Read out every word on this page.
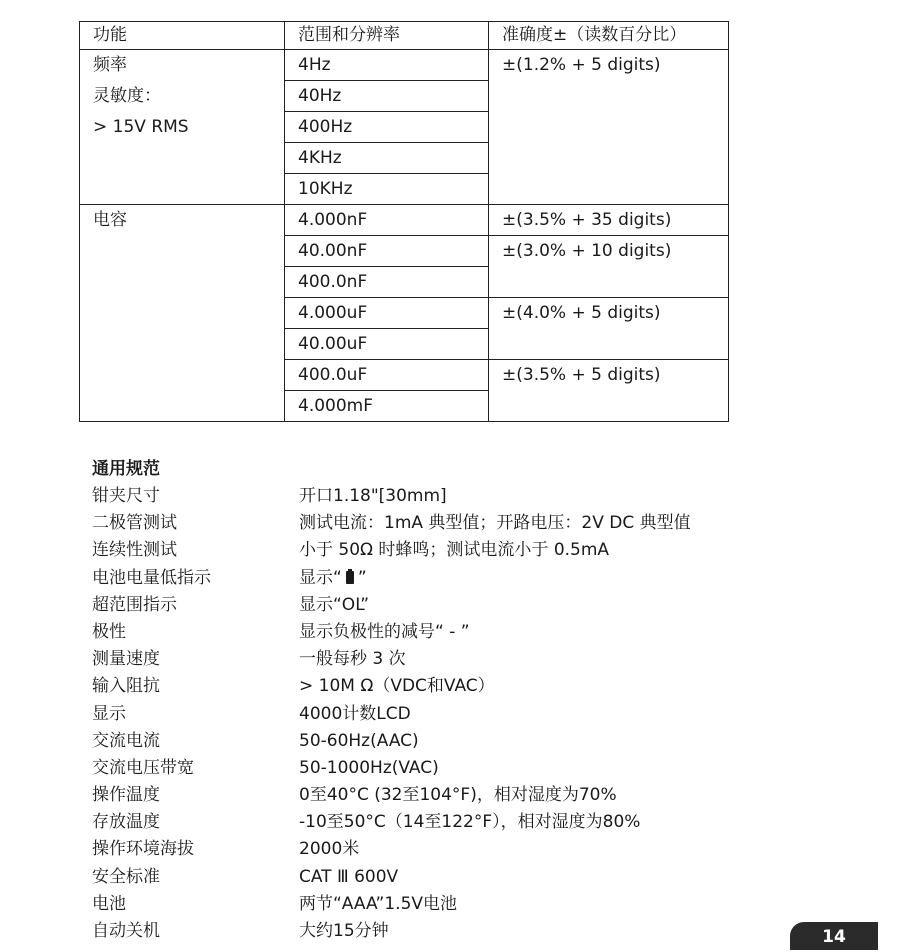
功能	范围和分辨率	准确度±（读数百分比）

频率
灵敏度：
> 15V RMS	4Hz	±(1.2% + 5 digits)
	40Hz	
	400Hz	
	4KHz	
	10KHz	
电容	4.000nF	±(3.5% + 35 digits)
	40.00nF	±(3.0% + 10 digits)
	400.0nF	
	4.000uF	±(4.0% + 5 digits)
	40.00uF	
	400.0uF	±(3.5% + 5 digits)
	4.000mF	
通用规范
钳夹尺寸	开口1.18"[30mm]
二极管测试	测试电流：1mA 典型值；开路电压：2V DC 典型值
连续性测试	小于 50Ω 时蜂鸣；测试电流小于 0.5mA
电池电量低指示	显示“ ”
超范围指示	显示“OL”
极性	显示负极性的减号“ - ”
测量速度	一般每秒 3 次
输入阻抗	> 10M Ω（VDC和VAC）
显示	4000计数LCD
交流电流	50-60Hz(AAC)
交流电压带宽	50-1000Hz(VAC)
操作温度	0至40°C (32至104°F)，相对湿度为70%
存放温度	-10至50°C（14至122°F），相对湿度为80%
操作环境海拔	2000米
安全标准	CAT Ⅲ 600V
电池	两节“AAA”1.5V电池
自动关机	大约15分钟	14
